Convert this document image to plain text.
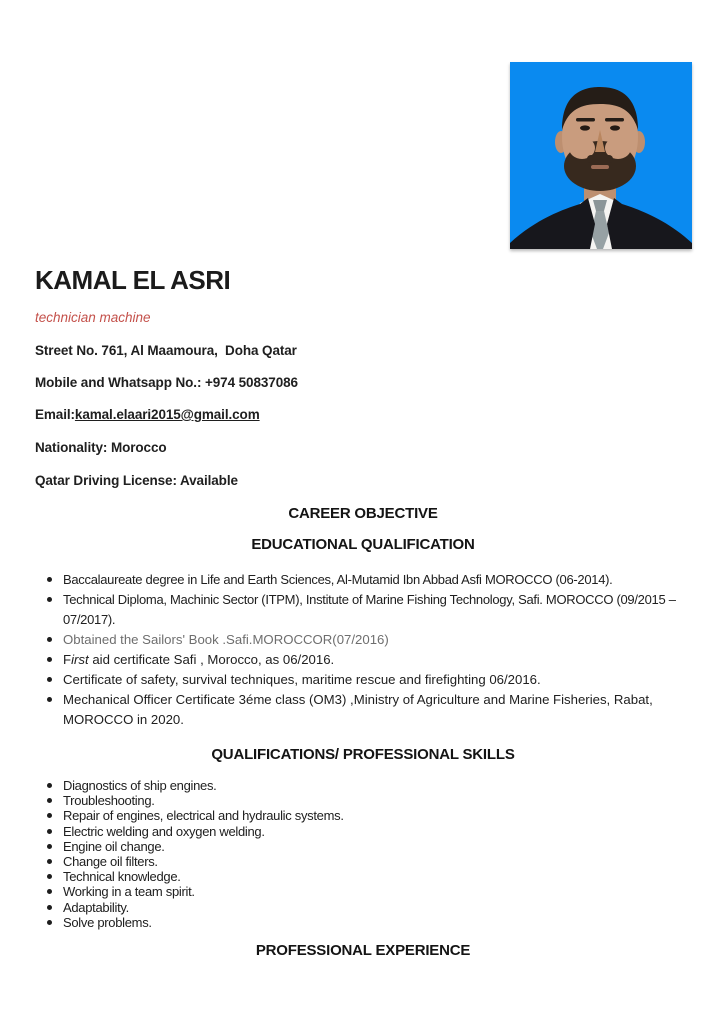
KAMAL EL ASRI

technician machine

Street No. 761, Al Maamoura,  Doha Qatar

Mobile and Whatsapp No.: +974 50837086

Email:kamal.elaari2015@gmail.com

Nationality: Morocco

Qatar Driving License: Available

CAREER OBJECTIVE
EDUCATIONAL QUALIFICATION
Baccalaureate degree in Life and Earth Sciences, Al-Mutamid Ibn Abbad Asfi MOROCCO (06-2014).
Technical Diploma, Machinic Sector (ITPM), Institute of Marine Fishing Technology, Safi. MOROCCO (09/2015 – 07/2017).
Obtained the Sailors' Book .Safi.MOROCCOR(07/2016)
First aid certificate Safi , Morocco, as 06/2016.
Certificate of safety, survival techniques, maritime rescue and firefighting 06/2016.
Mechanical Officer Certificate 3éme class (OM3) ,Ministry of Agriculture and Marine Fisheries, Rabat, MOROCCO in 2020.
QUALIFICATIONS/ PROFESSIONAL SKILLS
Diagnostics of ship engines.
Troubleshooting.
Repair of engines, electrical and hydraulic systems.
Electric welding and oxygen welding.
Engine oil change.
Change oil filters.
Technical knowledge.
Working in a team spirit.
Adaptability.
Solve problems.
PROFESSIONAL EXPERIENCE
